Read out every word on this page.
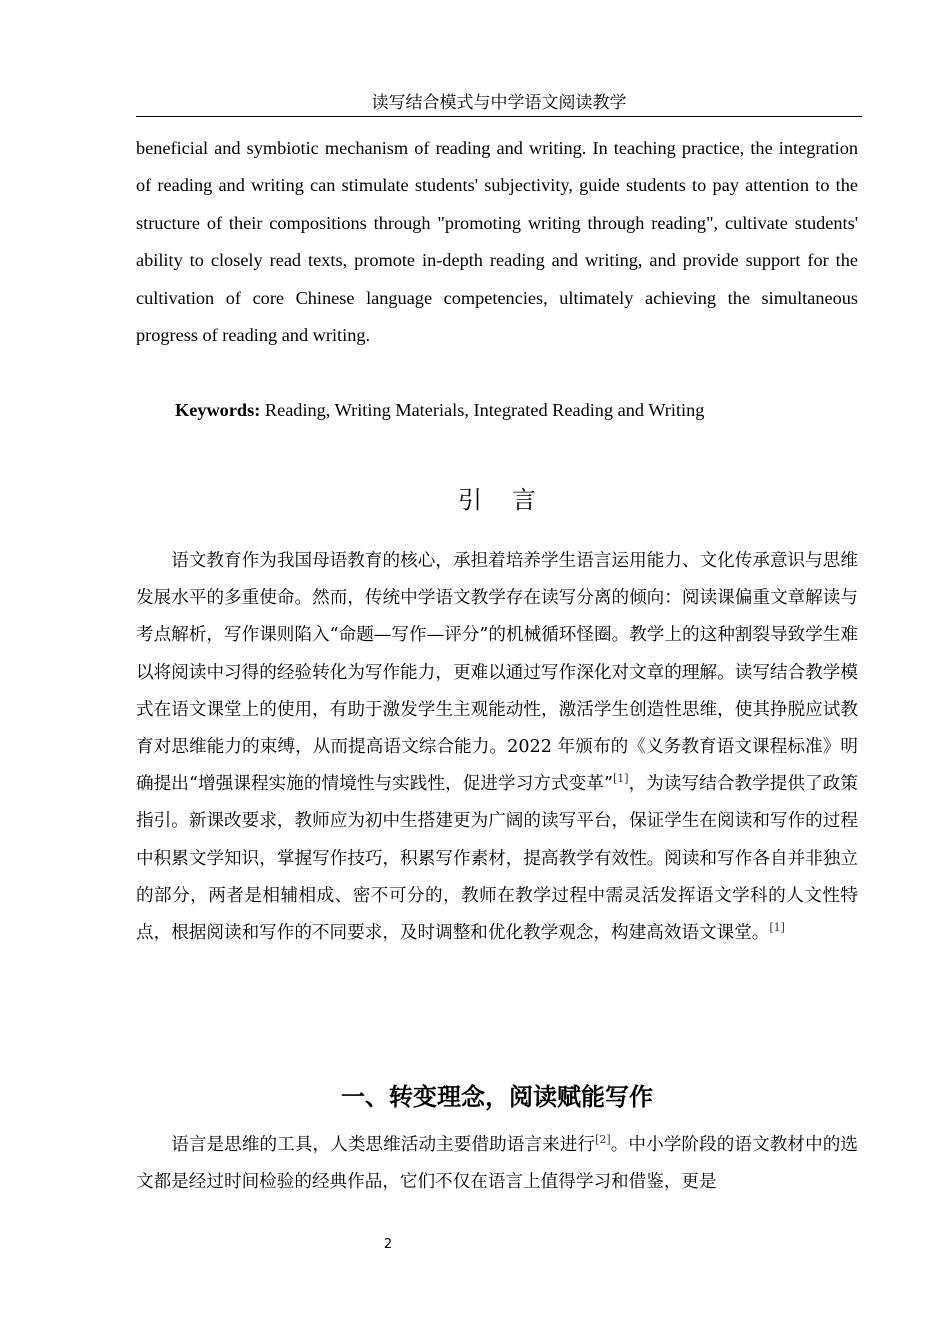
读写结合模式与中学语文阅读教学

beneficial and symbiotic mechanism of reading and writing. In teaching practice, the integration of reading and writing can stimulate students' subjectivity, guide students to pay attention to the structure of their compositions through "promoting writing through reading", cultivate students' ability to closely read texts, promote in-depth reading and writing, and provide support for the cultivation of core Chinese language competencies, ultimately achieving the simultaneous progress of reading and writing.

Keywords: Reading, Writing Materials, Integrated Reading and Writing

引言

语文教育作为我国母语教育的核心，承担着培养学生语言运用能力、文化传承意识与思维发展水平的多重使命。然而，传统中学语文教学存在读写分离的倾向：阅读课偏重文章解读与考点解析，写作课则陷入“命题—写作—评分”的机械循环怪圈。教学上的这种割裂导致学生难以将阅读中习得的经验转化为写作能力，更难以通过写作深化对文章的理解。读写结合教学模式在语文课堂上的使用，有助于激发学生主观能动性，激活学生创造性思维，使其挣脱应试教育对思维能力的束缚，从而提高语文综合能力。2022 年颁布的《义务教育语文课程标准》明确提出“增强课程实施的情境性与实践性，促进学习方式变革”[1]，为读写结合教学提供了政策指引。新课改要求，教师应为初中生搭建更为广阔的读写平台，保证学生在阅读和写作的过程中积累文学知识，掌握写作技巧，积累写作素材，提高教学有效性。阅读和写作各自并非独立的部分，两者是相辅相成、密不可分的，教师在教学过程中需灵活发挥语文学科的人文性特点，根据阅读和写作的不同要求，及时调整和优化教学观念，构建高效语文课堂。[1]

一、转变理念，阅读赋能写作

语言是思维的工具，人类思维活动主要借助语言来进行[2]。中小学阶段的语文教材中的选文都是经过时间检验的经典作品，它们不仅在语言上值得学习和借鉴，更是

2
